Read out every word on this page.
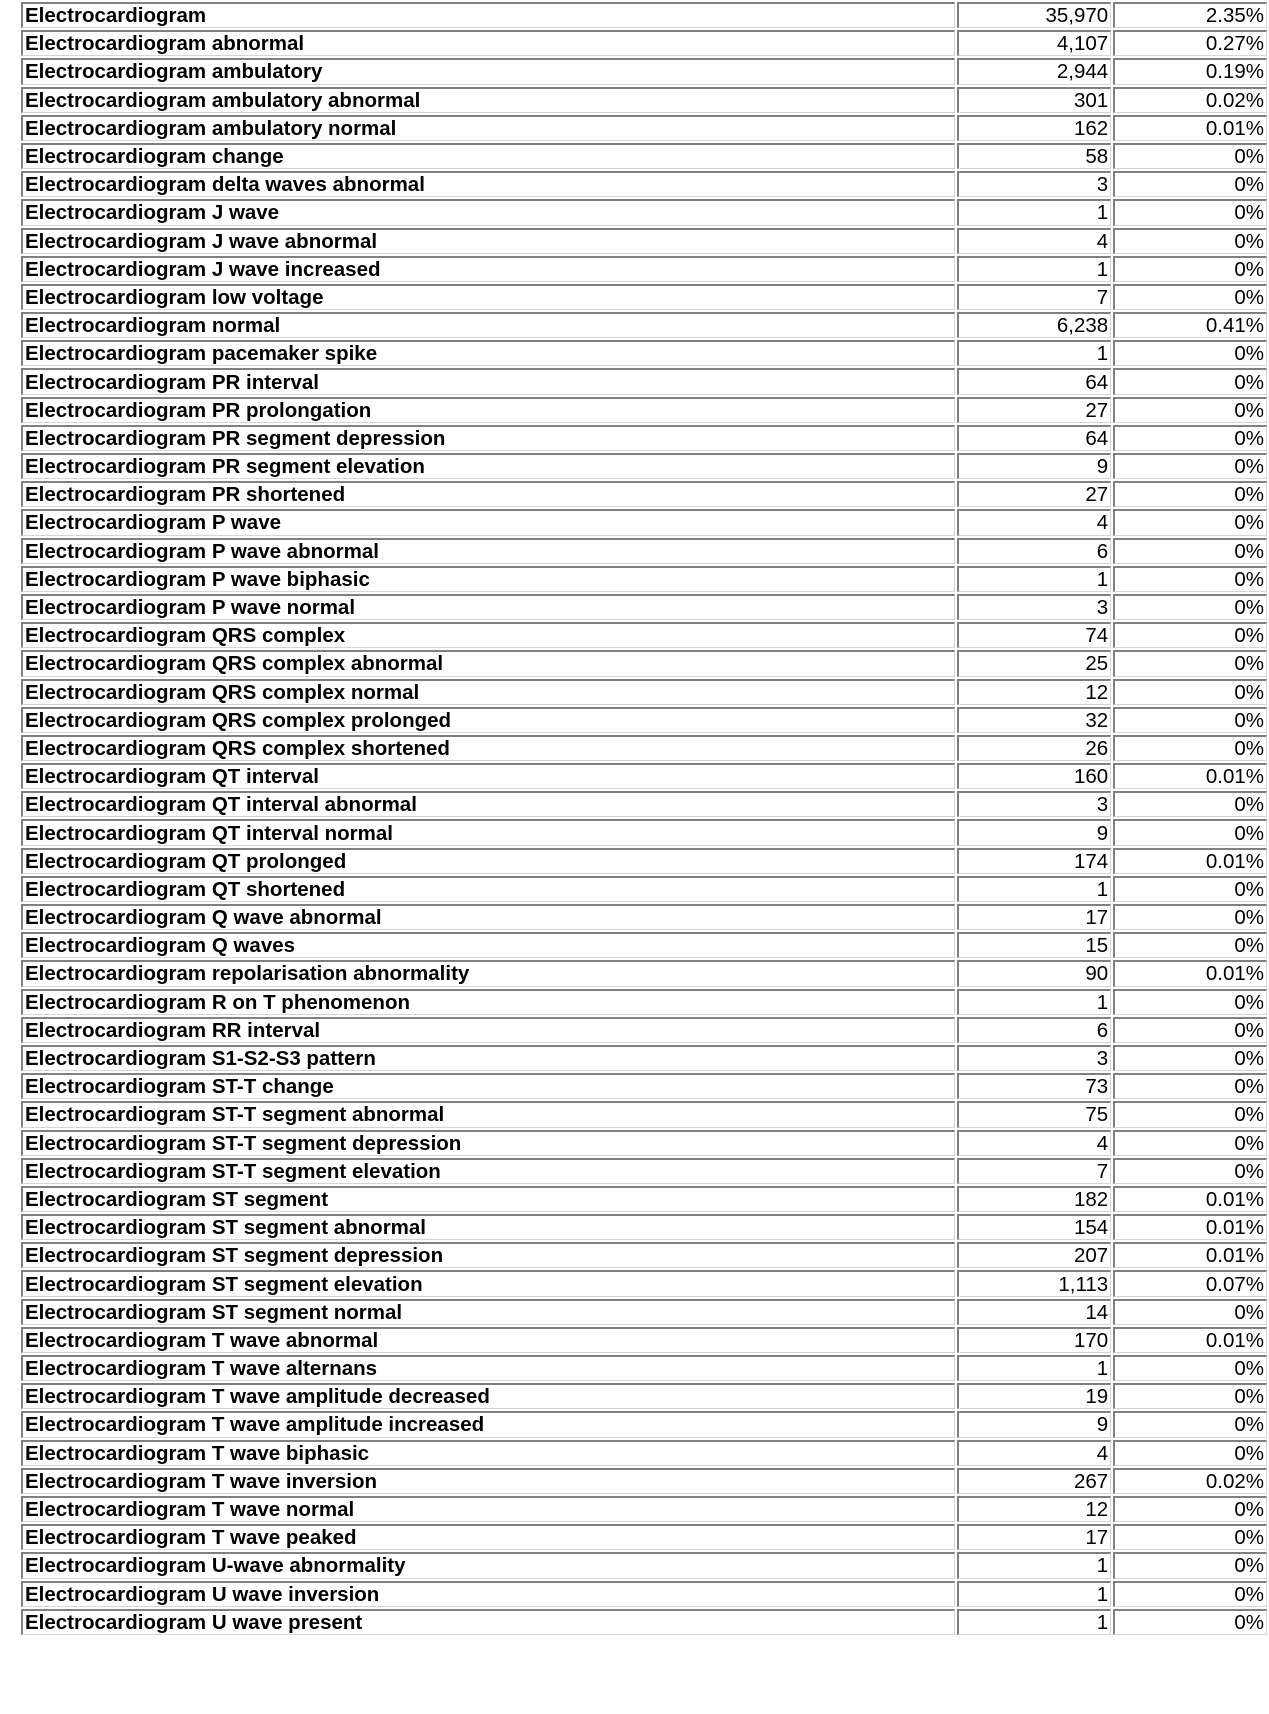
Electrocardiogram	35,970	2.35%
Electrocardiogram abnormal	4,107	0.27%
Electrocardiogram ambulatory	2,944	0.19%
Electrocardiogram ambulatory abnormal	301	0.02%
Electrocardiogram ambulatory normal	162	0.01%
Electrocardiogram change	58	0%
Electrocardiogram delta waves abnormal	3	0%
Electrocardiogram J wave	1	0%
Electrocardiogram J wave abnormal	4	0%
Electrocardiogram J wave increased	1	0%
Electrocardiogram low voltage	7	0%
Electrocardiogram normal	6,238	0.41%
Electrocardiogram pacemaker spike	1	0%
Electrocardiogram PR interval	64	0%
Electrocardiogram PR prolongation	27	0%
Electrocardiogram PR segment depression	64	0%
Electrocardiogram PR segment elevation	9	0%
Electrocardiogram PR shortened	27	0%
Electrocardiogram P wave	4	0%
Electrocardiogram P wave abnormal	6	0%
Electrocardiogram P wave biphasic	1	0%
Electrocardiogram P wave normal	3	0%
Electrocardiogram QRS complex	74	0%
Electrocardiogram QRS complex abnormal	25	0%
Electrocardiogram QRS complex normal	12	0%
Electrocardiogram QRS complex prolonged	32	0%
Electrocardiogram QRS complex shortened	26	0%
Electrocardiogram QT interval	160	0.01%
Electrocardiogram QT interval abnormal	3	0%
Electrocardiogram QT interval normal	9	0%
Electrocardiogram QT prolonged	174	0.01%
Electrocardiogram QT shortened	1	0%
Electrocardiogram Q wave abnormal	17	0%
Electrocardiogram Q waves	15	0%
Electrocardiogram repolarisation abnormality	90	0.01%
Electrocardiogram R on T phenomenon	1	0%
Electrocardiogram RR interval	6	0%
Electrocardiogram S1-S2-S3 pattern	3	0%
Electrocardiogram ST-T change	73	0%
Electrocardiogram ST-T segment abnormal	75	0%
Electrocardiogram ST-T segment depression	4	0%
Electrocardiogram ST-T segment elevation	7	0%
Electrocardiogram ST segment	182	0.01%
Electrocardiogram ST segment abnormal	154	0.01%
Electrocardiogram ST segment depression	207	0.01%
Electrocardiogram ST segment elevation	1,113	0.07%
Electrocardiogram ST segment normal	14	0%
Electrocardiogram T wave abnormal	170	0.01%
Electrocardiogram T wave alternans	1	0%
Electrocardiogram T wave amplitude decreased	19	0%
Electrocardiogram T wave amplitude increased	9	0%
Electrocardiogram T wave biphasic	4	0%
Electrocardiogram T wave inversion	267	0.02%
Electrocardiogram T wave normal	12	0%
Electrocardiogram T wave peaked	17	0%
Electrocardiogram U-wave abnormality	1	0%
Electrocardiogram U wave inversion	1	0%
Electrocardiogram U wave present	1	0%
